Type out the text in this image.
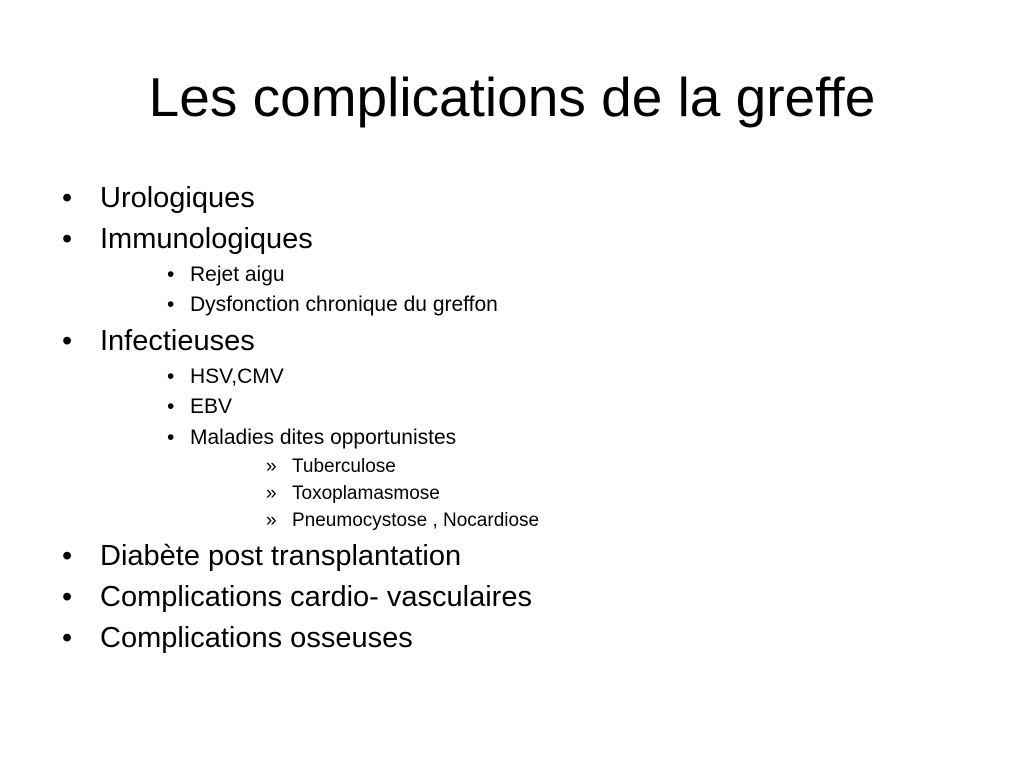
Les complications de la greffe
• Urologiques
• Immunologiques
• Rejet aigu
• Dysfonction chronique du greffon
• Infectieuses
• HSV,CMV
• EBV
• Maladies dites opportunistes
» Tuberculose
» Toxoplamasmose
» Pneumocystose , Nocardiose
• Diabète post transplantation
• Complications cardio- vasculaires
• Complications osseuses
